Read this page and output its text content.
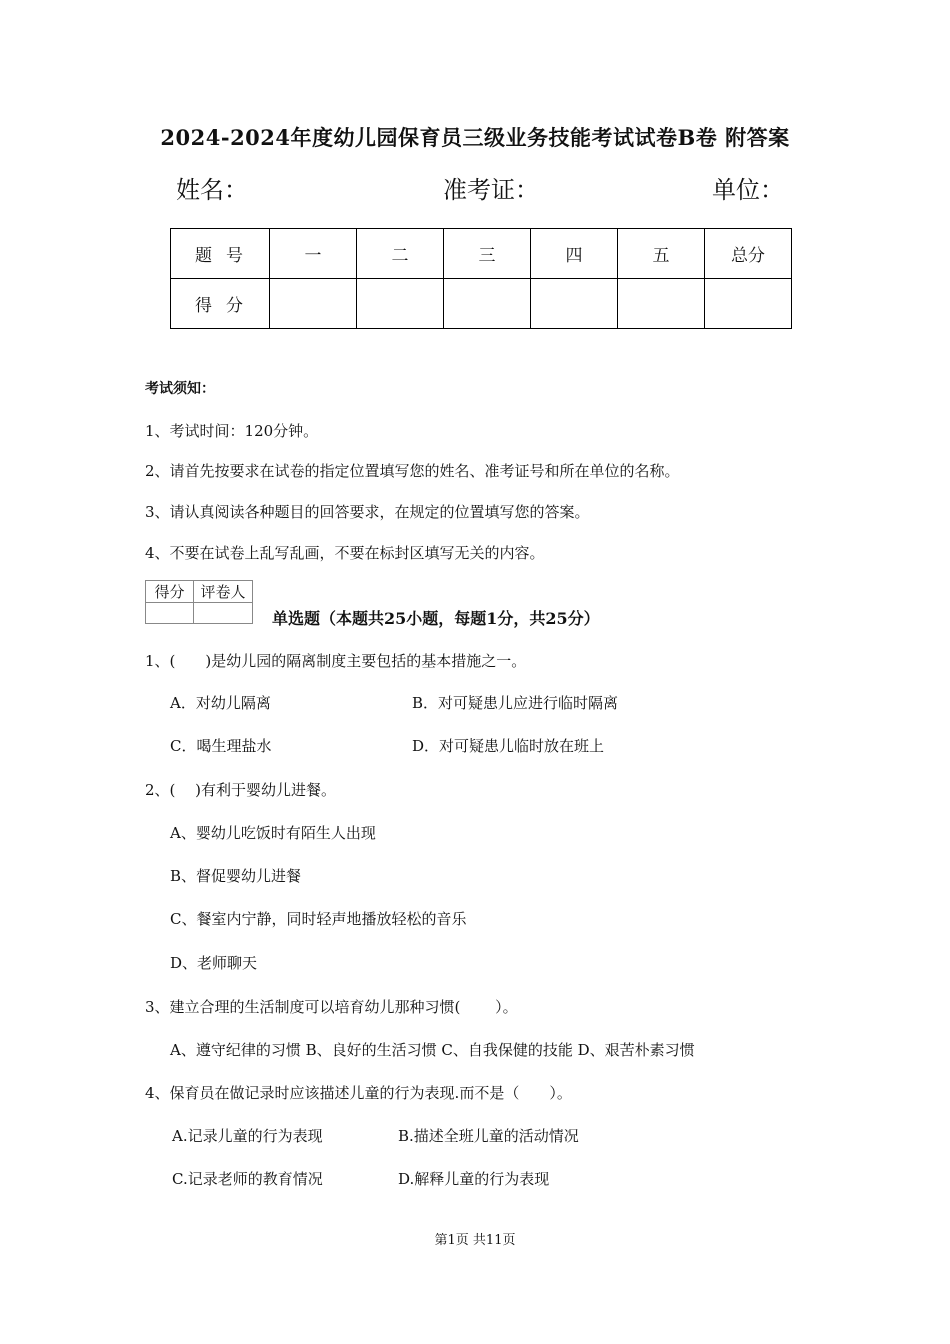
2024-2024年度幼儿园保育员三级业务技能考试试卷B卷 附答案
姓名：	准考证：	单位：
题号	一	二	三	四	五	总分
得分						
考试须知：
1、考试时间：120分钟。
2、请首先按要求在试卷的指定位置填写您的姓名、准考证号和所在单位的名称。
3、请认真阅读各种题目的回答要求，在规定的位置填写您的答案。
4、不要在试卷上乱写乱画，不要在标封区填写无关的内容。
得分	评卷人

单选题（本题共25小题，每题1分，共25分）
1、(　　)是幼儿园的隔离制度主要包括的基本措施之一。
A．对幼儿隔离	B．对可疑患儿应进行临时隔离
C．喝生理盐水	D．对可疑患儿临时放在班上
2、(　 )有利于婴幼儿进餐。
A、婴幼儿吃饭时有陌生人出现
B、督促婴幼儿进餐
C、餐室内宁静，同时轻声地播放轻松的音乐
D、老师聊天
3、建立合理的生活制度可以培育幼儿那种习惯(　　 ）。
A、遵守纪律的习惯 B、良好的生活习惯 C、自我保健的技能 D、艰苦朴素习惯
4、保育员在做记录时应该描述儿童的行为表现.而不是（　　）。
A.记录儿童的行为表现	B.描述全班儿童的活动情况
C.记录老师的教育情况	D.解释儿童的行为表现
第1页 共11页
